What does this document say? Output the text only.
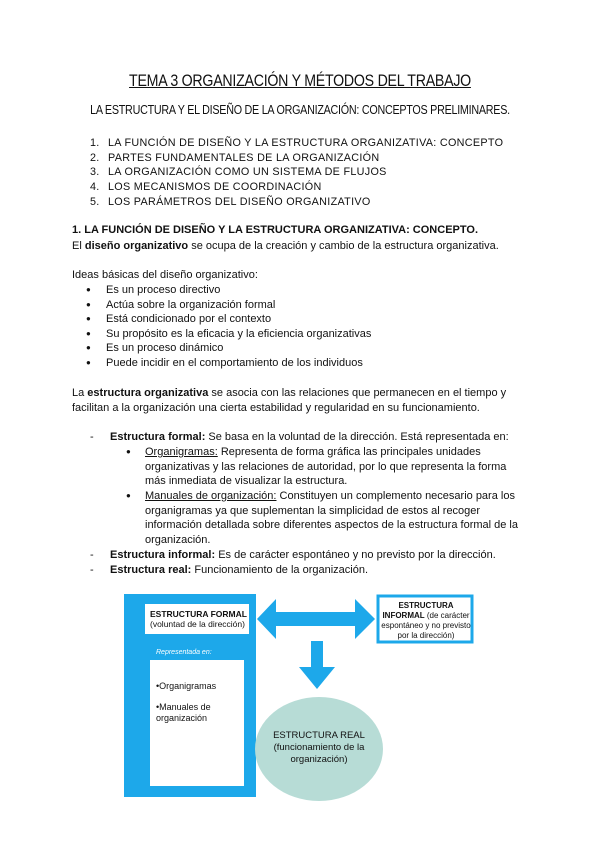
TEMA 3 ORGANIZACIÓN Y MÉTODOS DEL TRABAJO
LA ESTRUCTURA Y EL DISEÑO DE LA ORGANIZACIÓN: CONCEPTOS PRELIMINARES.
1. LA FUNCIÓN DE DISEÑO Y LA ESTRUCTURA ORGANIZATIVA: CONCEPTO
2. PARTES FUNDAMENTALES DE LA ORGANIZACIÓN
3. LA ORGANIZACIÓN COMO UN SISTEMA DE FLUJOS
4. LOS MECANISMOS DE COORDINACIÓN
5. LOS PARÁMETROS DEL DISEÑO ORGANIZATIVO
1. LA FUNCIÓN DE DISEÑO Y LA ESTRUCTURA ORGANIZATIVA: CONCEPTO.
El diseño organizativo se ocupa de la creación y cambio de la estructura organizativa.
Ideas básicas del diseño organizativo:
● Es un proceso directivo
● Actúa sobre la organización formal
● Está condicionado por el contexto
● Su propósito es la eficacia y la eficiencia organizativas
● Es un proceso dinámico
● Puede incidir en el comportamiento de los individuos
La estructura organizativa se asocia con las relaciones que permanecen en el tiempo y
facilitan a la organización una cierta estabilidad y regularidad en su funcionamiento.
- Estructura formal: Se basa en la voluntad de la dirección. Está representada en:
●	Organigramas: Representa de forma gráfica las principales unidades
organizativas y las relaciones de autoridad, por lo que representa la forma
más inmediata de visualizar la estructura.
●	Manuales de organización: Constituyen un complemento necesario para los
organigramas ya que suplementan la simplicidad de estos al recoger
información detallada sobre diferentes aspectos de la estructura formal de la
organización.
- Estructura informal: Es de carácter espontáneo y no previsto por la dirección.
- Estructura real: Funcionamiento de la organización.
ESTRUCTURA FORMAL
(voluntad de la dirección)
Representada en:
•Organigramas
•Manuales de
organización
ESTRUCTURA
INFORMAL (de carácter
espontáneo y no previsto
por la dirección)
ESTRUCTURA REAL
(funcionamiento de la
organización)
